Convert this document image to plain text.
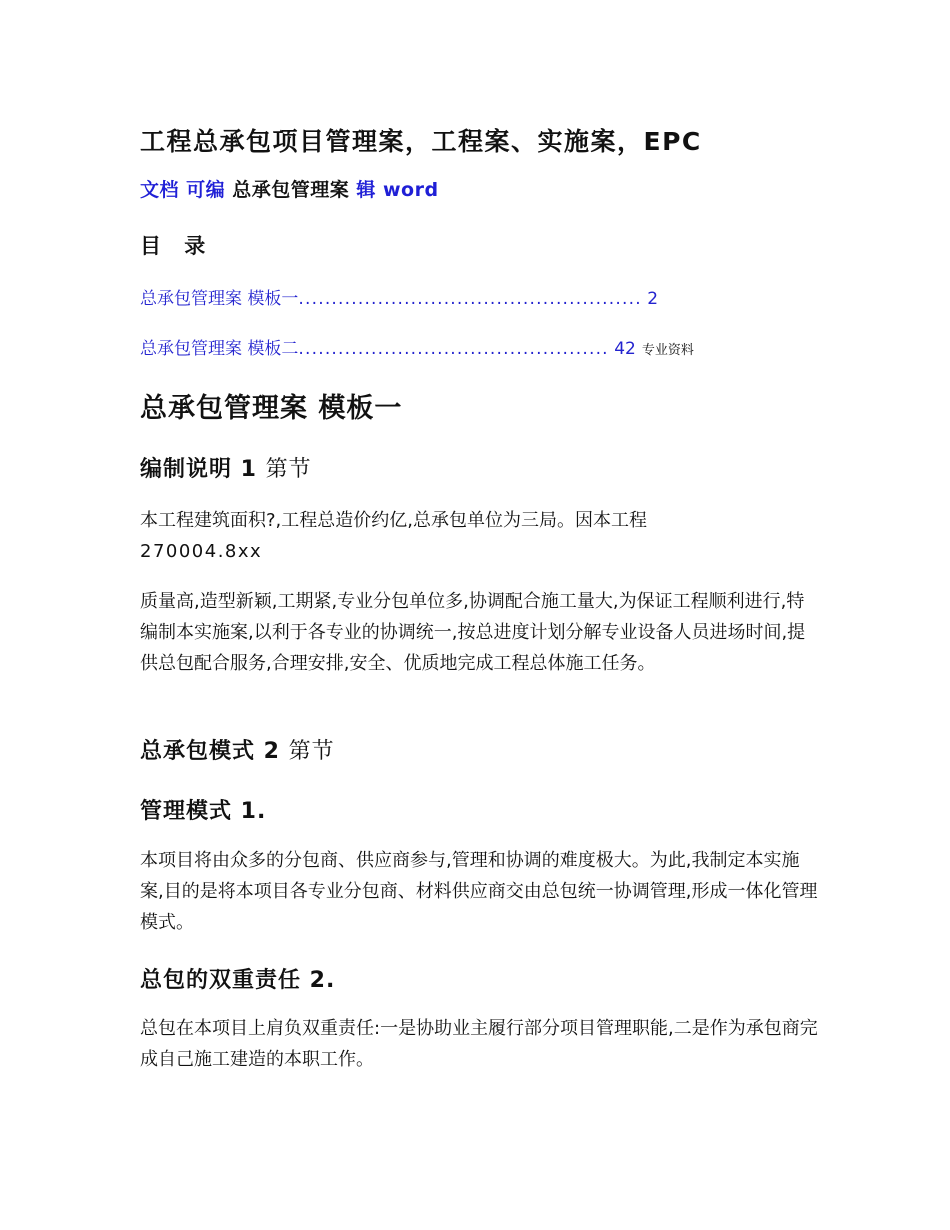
工程总承包项目管理案，工程案、实施案，EPC
文档 可编 总承包管理案 辑 word
目 录
总承包管理案 模板一.................................................... 2
总承包管理案 模板二............................................... 42 专业资料
总承包管理案 模板一
编制说明 1 第节
本工程建筑面积?,工程总造价约亿,总承包单位为三局。因本工程
270004.8xx

质量高,造型新颖,工期紧,专业分包单位多,协调配合施工量大,为保证工程顺利进行,特编制本实施案,以利于各专业的协调统一,按总进度计划分解专业设备人员进场时间,提供总包配合服务,合理安排,安全、优质地完成工程总体施工任务。

总承包模式 2 第节
管理模式 1.

本项目将由众多的分包商、供应商参与,管理和协调的难度极大。为此,我制定本实施案,目的是将本项目各专业分包商、材料供应商交由总包统一协调管理,形成一体化管理模式。

总包的双重责任 2.

总包在本项目上肩负双重责任:一是协助业主履行部分项目管理职能,二是作为承包商完成自己施工建造的本职工作。
